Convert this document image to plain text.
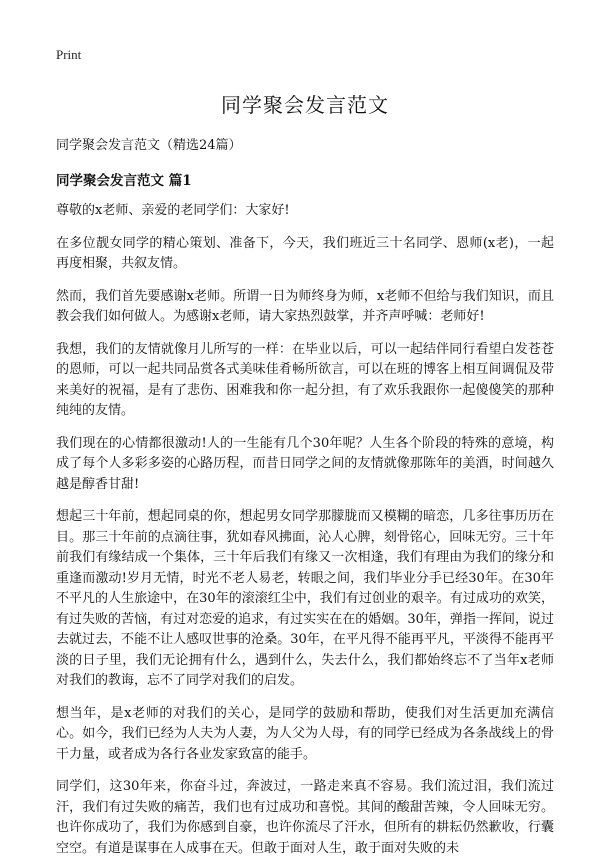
Print
同学聚会发言范文

同学聚会发言范文（精选24篇）

同学聚会发言范文 篇1

尊敬的x老师、亲爱的老同学们：大家好!

在多位靓女同学的精心策划、准备下，今天，我们班近三十名同学、恩师(x老)，一起再度相聚，共叙友情。

然而，我们首先要感谢x老师。所谓一日为师终身为师，x老师不但给与我们知识，而且教会我们如何做人。为感谢x老师，请大家热烈鼓掌，并齐声呼喊：老师好!

我想，我们的友情就像月儿所写的一样：在毕业以后，可以一起结伴同行看望白发苍苍的恩师，可以一起共同品赏各式美味佳肴畅所欲言，可以在班的博客上相互间调侃及带来美好的祝福，是有了悲伤、困难我和你一起分担，有了欢乐我跟你一起傻傻笑的那种纯纯的友情。

我们现在的心情都很激动!人的一生能有几个30年呢？人生各个阶段的特殊的意境，构成了每个人多彩多姿的心路历程，而昔日同学之间的友情就像那陈年的美酒，时间越久越是醇香甘甜!

想起三十年前，想起同桌的你，想起男女同学那朦胧而又模糊的暗恋，几多往事历历在目。那三十年前的点滴往事，犹如春风拂面，沁人心脾，刻骨铭心，回味无穷。三十年前我们有缘结成一个集体，三十年后我们有缘又一次相逢，我们有理由为我们的缘分和重逢而激动!岁月无情，时光不老人易老，转眼之间，我们毕业分手已经30年。在30年不平凡的人生旅途中，在30年的滚滚红尘中，我们有过创业的艰辛。有过成功的欢笑，有过失败的苦恼，有过对恋爱的追求，有过实实在在的婚姻。30年，弹指一挥间，说过去就过去，不能不让人感叹世事的沧桑。30年，在平凡得不能再平凡，平淡得不能再平淡的日子里，我们无论拥有什么，遇到什么，失去什么，我们都始终忘不了当年x老师对我们的教诲，忘不了同学对我们的启发。

想当年，是x老师的对我们的关心，是同学的鼓励和帮助，使我们对生活更加充满信心。如今，我们已经为人夫为人妻，为人父为人母，有的同学已经成为各条战线上的骨干力量，或者成为各行各业发家致富的能手。

同学们，这30年来，你奋斗过，奔波过，一路走来真不容易。我们流过泪，我们流过汗，我们有过失败的痛苦，我们也有过成功和喜悦。其间的酸甜苦辣，令人回味无穷。也许你成功了，我们为你感到自豪，也许你流尽了汗水，但所有的耕耘仍然歉收，行囊空空。有道是谋事在人成事在天。但敢于面对人生，敢于面对失败的未
